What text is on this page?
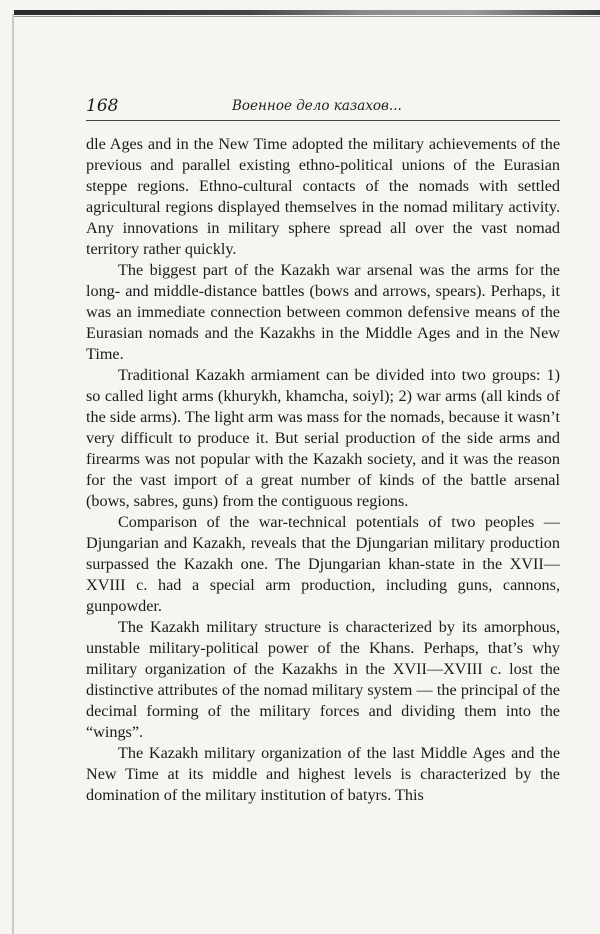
168	Военное дело казахов...

dle Ages and in the New Time adopted the military achievements of the previous and parallel existing ethno-political unions of the Eurasian steppe regions. Ethno-cultural contacts of the nomads with settled agricultural regions displayed themselves in the nomad military activity. Any innovations in military sphere spread all over the vast nomad territory rather quickly.

The biggest part of the Kazakh war arsenal was the arms for the long- and middle-distance battles (bows and arrows, spears). Perhaps, it was an immediate connection between common defensive means of the Eurasian nomads and the Kazakhs in the Middle Ages and in the New Time.

Traditional Kazakh armiament can be divided into two groups: 1) so called light arms (khurykh, khamcha, soiyl); 2) war arms (all kinds of the side arms). The light arm was mass for the nomads, because it wasn’t very difficult to produce it. But serial production of the side arms and firearms was not popular with the Kazakh society, and it was the reason for the vast import of a great number of kinds of the battle arsenal (bows, sabres, guns) from the contiguous regions.

Comparison of the war-technical potentials of two peoples — Djungarian and Kazakh, reveals that the Djungarian military production surpassed the Kazakh one. The Djungarian khan-state in the XVII—XVIII c. had a special arm production, including guns, cannons, gunpowder.

The Kazakh military structure is characterized by its amorphous, unstable military-political power of the Khans. Perhaps, that’s why military organization of the Kazakhs in the XVII—XVIII c. lost the distinctive attributes of the nomad military system — the principal of the decimal forming of the military forces and dividing them into the “wings”.

The Kazakh military organization of the last Middle Ages and the New Time at its middle and highest levels is characterized by the domination of the military institution of batyrs. This
